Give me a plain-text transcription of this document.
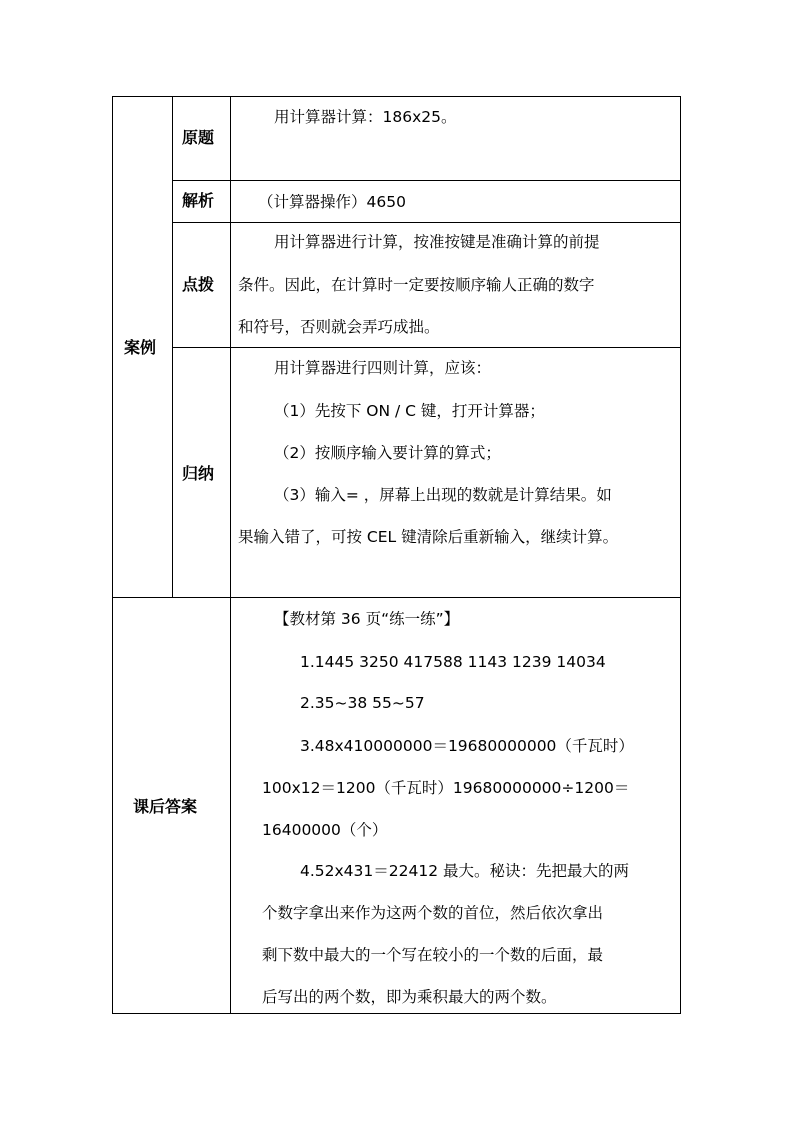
案例
课后答案
原题
解析
点拨
归纳
用计算器计算：186x25。
（计算器操作）4650
用计算器进行计算，按准按键是准确计算的前提
条件。因此，在计算时一定要按顺序输人正确的数字
和符号，否则就会弄巧成拙。
用计算器进行四则计算，应该：
（1）先按下 ON / C 键，打开计算器；
（2）按顺序输入要计算的算式；
（3）输入= ，屏幕上出现的数就是计算结果。如
果输入错了，可按 CEL 键清除后重新输入，继续计算。
【教材第 36 页“练一练”】
1.1445 3250 417588 1143 1239 14034
2.35~38 55~57
3.48x410000000＝19680000000（千瓦时）
100x12＝1200（千瓦时）19680000000÷1200＝
16400000（个）
4.52x431＝22412 最大。秘诀：先把最大的两
个数字拿出来作为这两个数的首位，然后依次拿出
剩下数中最大的一个写在较小的一个数的后面，最
后写出的两个数，即为乘积最大的两个数。
